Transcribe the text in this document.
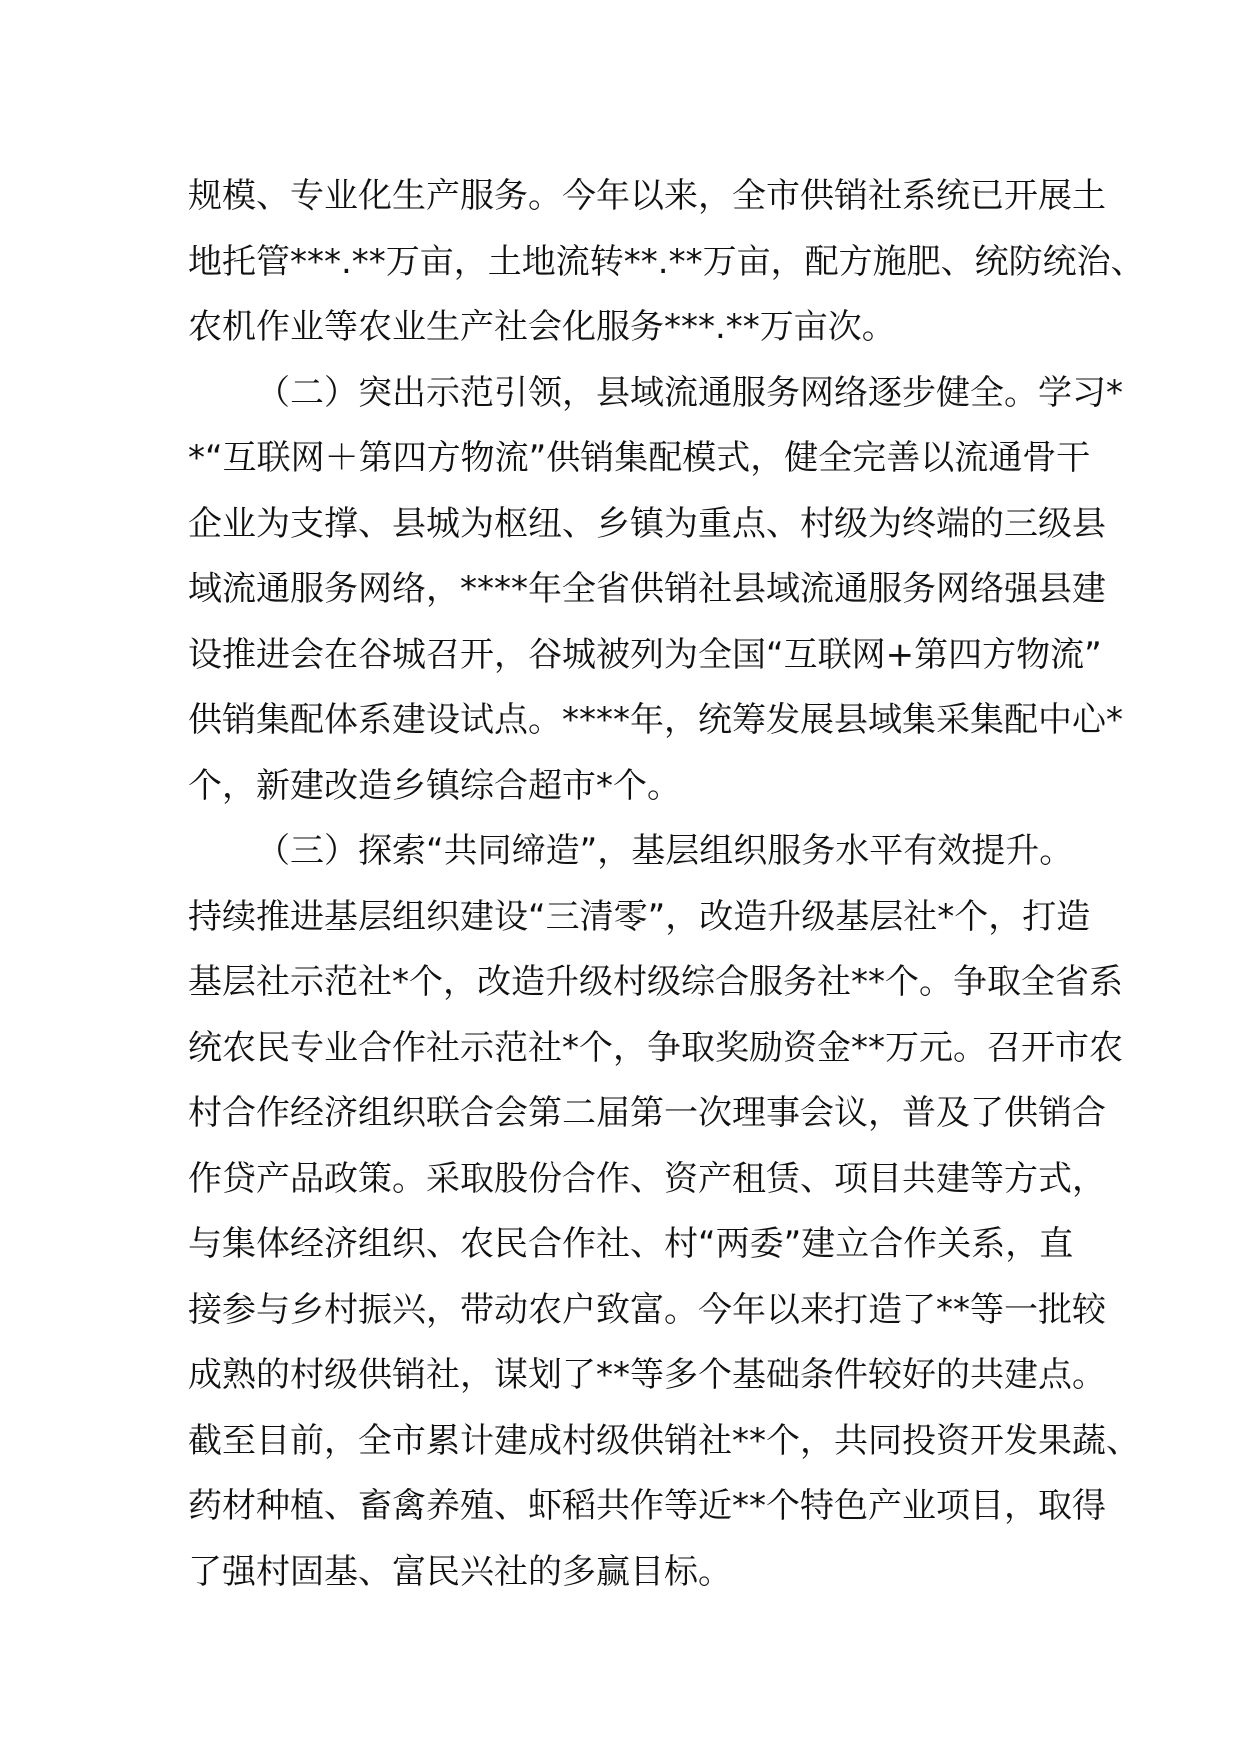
规模、专业化生产服务。今年以来，全市供销社系统已开展土
地托管***.**万亩，土地流转**.**万亩，配方施肥、统防统治、
农机作业等农业生产社会化服务***.**万亩次。
（二）突出示范引领，县域流通服务网络逐步健全。学习*
*“互联网＋第四方物流”供销集配模式，健全完善以流通骨干
企业为支撑、县城为枢纽、乡镇为重点、村级为终端的三级县
域流通服务网络，****年全省供销社县域流通服务网络强县建
设推进会在谷城召开，谷城被列为全国“互联网+第四方物流”
供销集配体系建设试点。****年，统筹发展县域集采集配中心*
个，新建改造乡镇综合超市*个。
（三）探索“共同缔造”，基层组织服务水平有效提升。
持续推进基层组织建设“三清零”，改造升级基层社*个，打造
基层社示范社*个，改造升级村级综合服务社**个。争取全省系
统农民专业合作社示范社*个，争取奖励资金**万元。召开市农
村合作经济组织联合会第二届第一次理事会议，普及了供销合
作贷产品政策。采取股份合作、资产租赁、项目共建等方式，
与集体经济组织、农民合作社、村“两委”建立合作关系，直
接参与乡村振兴，带动农户致富。今年以来打造了**等一批较
成熟的村级供销社，谋划了**等多个基础条件较好的共建点。
截至目前，全市累计建成村级供销社**个，共同投资开发果蔬、
药材种植、畜禽养殖、虾稻共作等近**个特色产业项目，取得
了强村固基、富民兴社的多赢目标。
